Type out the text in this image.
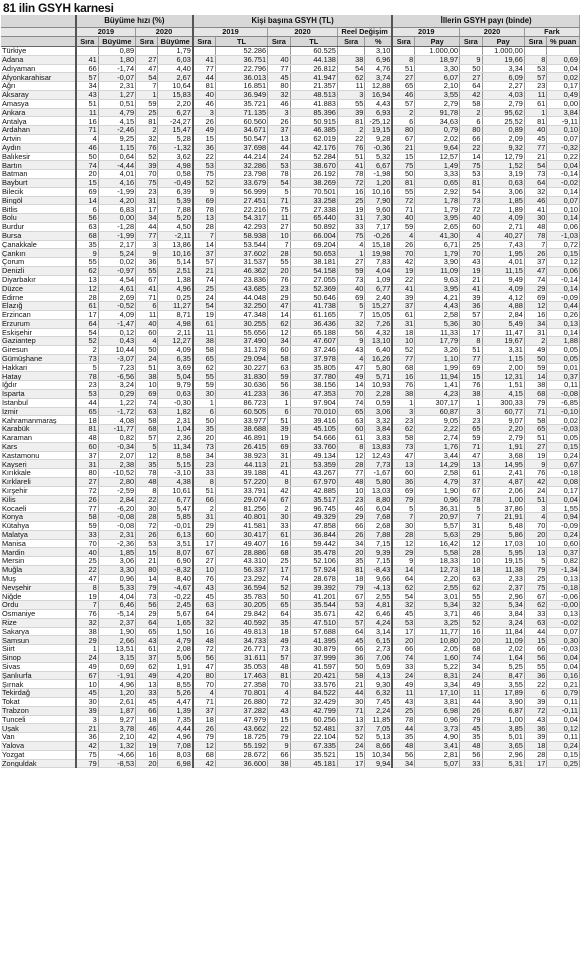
81 ilin GSYH karnesi
	Büyüme hızı (%)				Kişi başına GSYH (TL)						İllerin GSYH payı (binde)					
	2019		2020		2019		2020		Reel Değişim		2019		2020		Fark	
	Sıra	Büyüme	Sıra	Büyüme	Sıra	TL	Sıra	TL	Sıra	%	Sıra	Pay	Sıra	Pay	Sıra	% puan
Türkiye		0,89		1,79		52.286		60.525		3,10		1.000,00		1.000,00		
Adana	41	1,80	27	6,03	41	36.751	40	44.138	38	6,96	8	18,97	9	19,66	8	0,69
Adıyaman	66	-1,74	47	4,40	77	22.796	77	26.812	54	4,76	51	3,30	50	3,34	53	0,04
Afyonkarahisar	57	-0,07	54	2,67	44	36.013	45	41.947	62	3,74	27	6,07	27	6,09	57	0,02
Ağrı	34	2,31	7	10,64	81	16.851	80	21.357	11	12,88	65	2,10	64	2,27	23	0,17
Aksaray	43	1,27	1	15,83	40	36.949	32	48.513	3	16,94	46	3,55	42	4,03	11	0,49
Amasya	51	0,51	59	2,20	46	35.721	46	41.883	55	4,43	57	2,79	58	2,79	61	0,00
Ankara	11	4,79	25	6,27	3	71.135	3	85.396	39	6,93	2	91,78	2	95,62	1	3,84
Antalya	16	4,15	81	-24,27	26	60.560	26	50.915	81	-25,12	6	34,63	6	25,52	81	-9,11
Ardahan	71	-2,46	2	15,47	49	34.671	37	46.385	2	19,15	80	0,79	80	0,89	40	0,10
Artvin	4	9,25	32	5,28	15	50.547	13	62.019	22	9,28	67	2,02	66	2,09	45	0,07
Aydın	46	1,15	76	-1,32	36	37.698	44	42.176	76	-0,36	21	9,64	22	9,32	77	-0,32
Balıkesir	50	0,64	52	3,62	22	44.214	24	52.284	51	5,32	15	12,57	14	12,79	21	0,22
Bartın	74	-4,44	39	4,98	53	32.286	53	38.670	41	6,67	75	1,49	75	1,52	54	0,04
Batman	20	4,01	70	0,58	75	23.798	78	26.192	78	-1,98	50	3,33	53	3,19	73	-0,14
Bayburt	15	4,16	75	-0,49	52	33.679	54	38.269	72	1,20	81	0,65	81	0,63	64	-0,02
Bilecik	69	-1,99	23	6,39	9	56.999	5	70.501	16	10,16	55	2,92	54	3,06	32	0,14
Bingöl	14	4,20	31	5,39	69	27.451	71	33.258	25	7,90	72	1,78	73	1,85	46	0,07
Bitlis	6	6,83	17	7,88	78	22.216	75	27.338	19	9,60	71	1,79	72	1,89	41	0,10
Bolu	56	0,00	34	5,20	13	54.317	11	65.440	31	7,30	40	3,95	40	4,09	30	0,14
Burdur	63	-1,28	44	4,50	28	42.293	27	50.892	33	7,17	59	2,65	60	2,71	48	0,06
Bursa	68	-1,99	77	-2,11	7	58.938	10	66.004	75	-0,26	4	41,30	4	40,27	78	-1,03
Çanakkale	35	2,17	3	13,86	14	53.544	7	69.204	4	15,18	26	6,71	25	7,43	7	0,72
Çankırı	9	5,24	9	10,16	37	37.602	28	50.653	1	19,98	70	1,79	70	1,95	26	0,15
Çorum	55	0,02	36	5,14	57	31.537	55	38.181	27	7,83	42	3,90	43	4,01	37	0,12
Denizli	62	-0,97	55	2,51	21	46.362	20	54.158	59	4,04	19	11,09	19	11,15	47	0,06
Diyarbakır	13	4,54	67	1,38	74	23.836	76	27.055	73	1,09	22	9,63	21	9,49	74	-0,14
Düzce	12	4,61	41	4,96	25	43.685	23	52.369	40	6,77	41	3,95	41	4,09	29	0,14
Edirne	28	2,69	71	0,25	24	44.048	29	50.646	69	2,40	39	4,21	39	4,12	69	-0,09
Elazığ	61	-0,52	6	11,27	54	32.250	47	41.738	5	15,27	37	4,43	36	4,88	12	0,44
Erzincan	17	4,09	11	8,71	19	47.348	14	61.165	7	15,05	61	2,58	57	2,84	16	0,26
Erzurum	64	-1,47	40	4,98	61	30.255	62	36.436	32	7,26	31	5,36	30	5,49	34	0,13
Eskişehir	54	0,12	60	2,11	11	55.656	12	65.188	56	4,32	18	11,33	17	11,47	31	0,14
Gaziantep	52	0,43	4	12,27	38	37.490	34	47.607	9	13,10	10	17,79	8	19,67	2	1,88
Giresun	2	10,44	50	4,09	58	31.178	60	37.246	43	6,40	52	3,26	51	3,31	49	0,05
Gümüşhane	73	-3,07	24	6,35	65	29.094	58	37.978	4	16,26	77	1,10	77	1,15	50	0,05
Hakkari	5	7,23	51	3,69	62	30.227	63	35.805	47	5,80	68	1,99	69	2,00	59	0,01
Hatay	78	-6,56	38	5,04	55	31.830	59	37.780	49	5,71	16	11,94	15	12,31	14	0,37
Iğdır	23	3,24	10	9,79	59	30.636	56	38.156	14	10,93	76	1,41	76	1,51	38	0,11
Isparta	53	0,29	69	0,63	30	41.233	36	47.353	70	2,28	38	4,23	38	4,15	68	-0,08
İstanbul	44	1,22	74	-0,30	1	86.723	1	97.904	74	0,59	1	307,17	1	300,33	79	-6,85
İzmir	65	-1,72	63	1,82	6	60.505	6	70.010	65	3,06	3	60,87	3	60,77	71	-0,10
Kahramanmaraş	18	4,08	58	2,31	50	33.977	51	39.416	63	3,32	23	9,05	23	9,07	58	0,02
Karabük	81	-11,77	68	1,04	35	38.688	39	45.105	60	3,84	62	2,22	65	2,20	65	-0,03
Karaman	48	0,82	57	2,36	20	46.891	19	54.666	61	3,83	58	2,74	59	2,79	51	0,05
Kars	60	-0,34	5	11,34	73	26.415	69	33.760	8	13,83	73	1,76	71	1,91	27	0,15
Kastamonu	37	2,07	12	8,58	34	38.923	31	49.134	12	12,43	47	3,44	47	3,68	19	0,24
Kayseri	31	2,38	35	5,15	23	44.113	21	53.359	28	7,73	13	14,29	13	14,95	9	0,67
Kırıkkale	80	-10,52	78	-3,10	33	39.188	41	43.267	77	-1,67	60	2,58	61	2,41	76	-0,18
Kırklareli	27	2,80	48	4,38	8	57.220	8	67.970	48	5,80	36	4,79	37	4,87	42	0,08
Kırşehir	72	-2,59	8	10,61	51	33.791	42	42.885	10	13,03	69	1,90	67	2,06	24	0,17
Kilis	26	2,84	22	6,77	66	29.074	67	35.517	23	8,80	79	0,96	78	1,00	51	0,04
Kocaeli	77	-6,20	30	5,47	2	81.256	2	96.745	46	6,04	5	36,31	5	37,86	3	1,55
Konya	58	-0,08	28	5,85	31	40.801	30	49.329	29	7,68	7	20,97	7	21,91	4	0,94
Kütahya	59	-0,08	72	-0,01	29	41.581	33	47.858	66	2,68	30	5,57	31	5,48	70	-0,09
Malatya	33	2,31	26	6,13	60	30.417	61	36.844	26	7,88	28	5,63	29	5,86	20	0,24
Manisa	70	-2,36	53	3,51	17	49.407	16	59.442	34	7,15	12	16,42	12	17,03	10	0,60
Mardin	40	1,85	15	8,07	67	28.886	68	35.478	20	9,39	29	5,58	28	5,95	13	0,37
Mersin	25	3,06	21	6,90	27	43.310	25	52.106	35	7,15	9	18,33	10	19,15	5	0,82
Muğla	22	3,30	80	-8,32	10	56.337	17	57.924	81	-8,43	14	12,73	18	11,38	79	-1,34
Muş	47	0,96	14	8,40	76	23.292	74	28.678	18	9,66	64	2,20	63	2,33	25	0,13
Nevşehir	8	5,33	79	-4,67	43	36.594	52	39.392	79	-4,13	62	2,55	62	2,37	75	-0,18
Niğde	19	4,04	73	-0,22	45	35.783	50	41.201	67	2,55	54	3,01	55	2,96	67	-0,06
Ordu	7	6,46	56	2,45	63	30.205	65	35.544	53	4,81	32	5,34	32	5,34	62	-0,00
Osmaniye	76	-5,14	29	5,67	64	29.842	64	35.671	42	6,46	45	3,71	46	3,84	33	0,13
Rize	32	2,37	64	1,65	32	40.592	35	47.510	57	4,24	53	3,25	52	3,24	63	-0,02
Sakarya	38	1,90	65	1,50	16	49.813	18	57.688	64	3,14	17	11,77	16	11,84	44	0,07
Samsun	29	2,66	43	4,79	48	34.733	49	41.395	45	6,15	20	10,80	20	11,09	15	0,30
Siirt	1	13,51	61	2,08	72	26.771	73	30.879	66	2,73	66	2,05	68	2,02	66	-0,03
Sinop	24	3,15	37	5,06	56	31.611	57	37.999	36	7,06	74	1,60	74	1,64	56	0,04
Sivas	49	0,69	62	1,91	47	35.053	48	41.597	50	5,69	33	5,22	34	5,25	55	0,04
Şanlıurfa	67	-1,91	49	4,20	80	17.463	81	20.421	58	4,13	24	8,31	24	8,47	36	0,16
Şırnak	10	4,96	13	8,55	70	27.358	70	33.576	21	9,30	49	3,34	49	3,55	22	0,21
Tekirdağ	45	1,20	33	5,26	4	70.801	4	84.522	44	6,32	11	17,10	11	17,89	6	0,79
Tokat	30	2,61	45	4,47	71	26.880	72	32.429	30	7,45	43	3,81	44	3,90	39	0,11
Trabzon	39	1,87	66	1,39	37	37.282	43	42.799	71	2,24	25	6,98	26	6,87	72	-0,11
Tunceli	3	9,27	18	7,35	18	47.979	15	60.256	13	11,85	78	0,96	79	1,00	43	0,04
Uşak	21	3,78	46	4,44	26	43.662	22	52.481	37	7,05	44	3,73	45	3,85	36	0,12
Van	36	2,10	42	4,96	79	18.725	79	22.104	52	5,13	35	4,90	35	5,01	39	0,11
Yalova	42	1,32	19	7,08	12	55.192	9	67.335	24	8,66	48	3,41	48	3,65	18	0,24
Yozgat	75	-4,66	16	8,03	68	28.672	66	35.521	15	10,34	56	2,81	56	2,96	28	0,15
Zonguldak	79	-8,53	20	6,98	42	36.600	38	45.181	17	9,94	34	5,07	33	5,31	17	0,25
